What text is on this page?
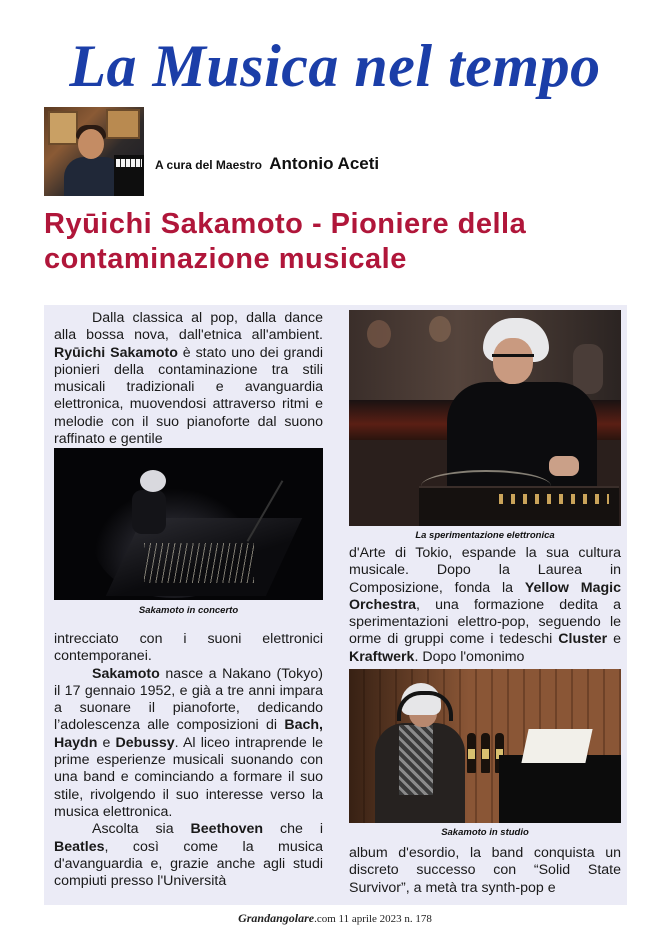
La Musica nel tempo
A cura del Maestro Antonio Aceti
Ryūichi Sakamoto - Pioniere della contaminazione musicale

Dalla classica al pop, dalla dance alla bossa nova, dall'etnica all'ambient. Ryūichi Sakamoto è stato uno dei grandi pionieri della contaminazione tra stili musicali tradizionali e avanguardia elettronica, muovendosi attraverso ritmi e melodie con il suo pianoforte dal suono raffinato e gentile

Sakamoto in concerto

intrecciato con i suoni elettronici contemporanei.

Sakamoto nasce a Nakano (Tokyo) il 17 gennaio 1952, e già a tre anni impara a suonare il pianoforte, dedicando l’adolescenza alle composizioni di Bach, Haydn e Debussy. Al liceo intraprende le prime esperienze musicali suonando con una band e cominciando a formare il suo stile, rivolgendo il suo interesse verso la musica elettronica.

Ascolta sia Beethoven che i Beatles, così come la musica d'avanguardia e, grazie anche agli studi compiuti presso l'Università

La sperimentazione elettronica

d'Arte di Tokio, espande la sua cultura musicale. Dopo la Laurea in Composizione, fonda la Yellow Magic Orchestra, una formazione dedita a sperimentazioni elettro-pop, seguendo le orme di gruppi come i tedeschi Cluster e Kraftwerk. Dopo l'omonimo

Sakamoto in studio

album d'esordio, la band conquista un discreto successo con “Solid State Survivor”, a metà tra synth-pop e

Grandangolare.com 11 aprile 2023 n. 178
